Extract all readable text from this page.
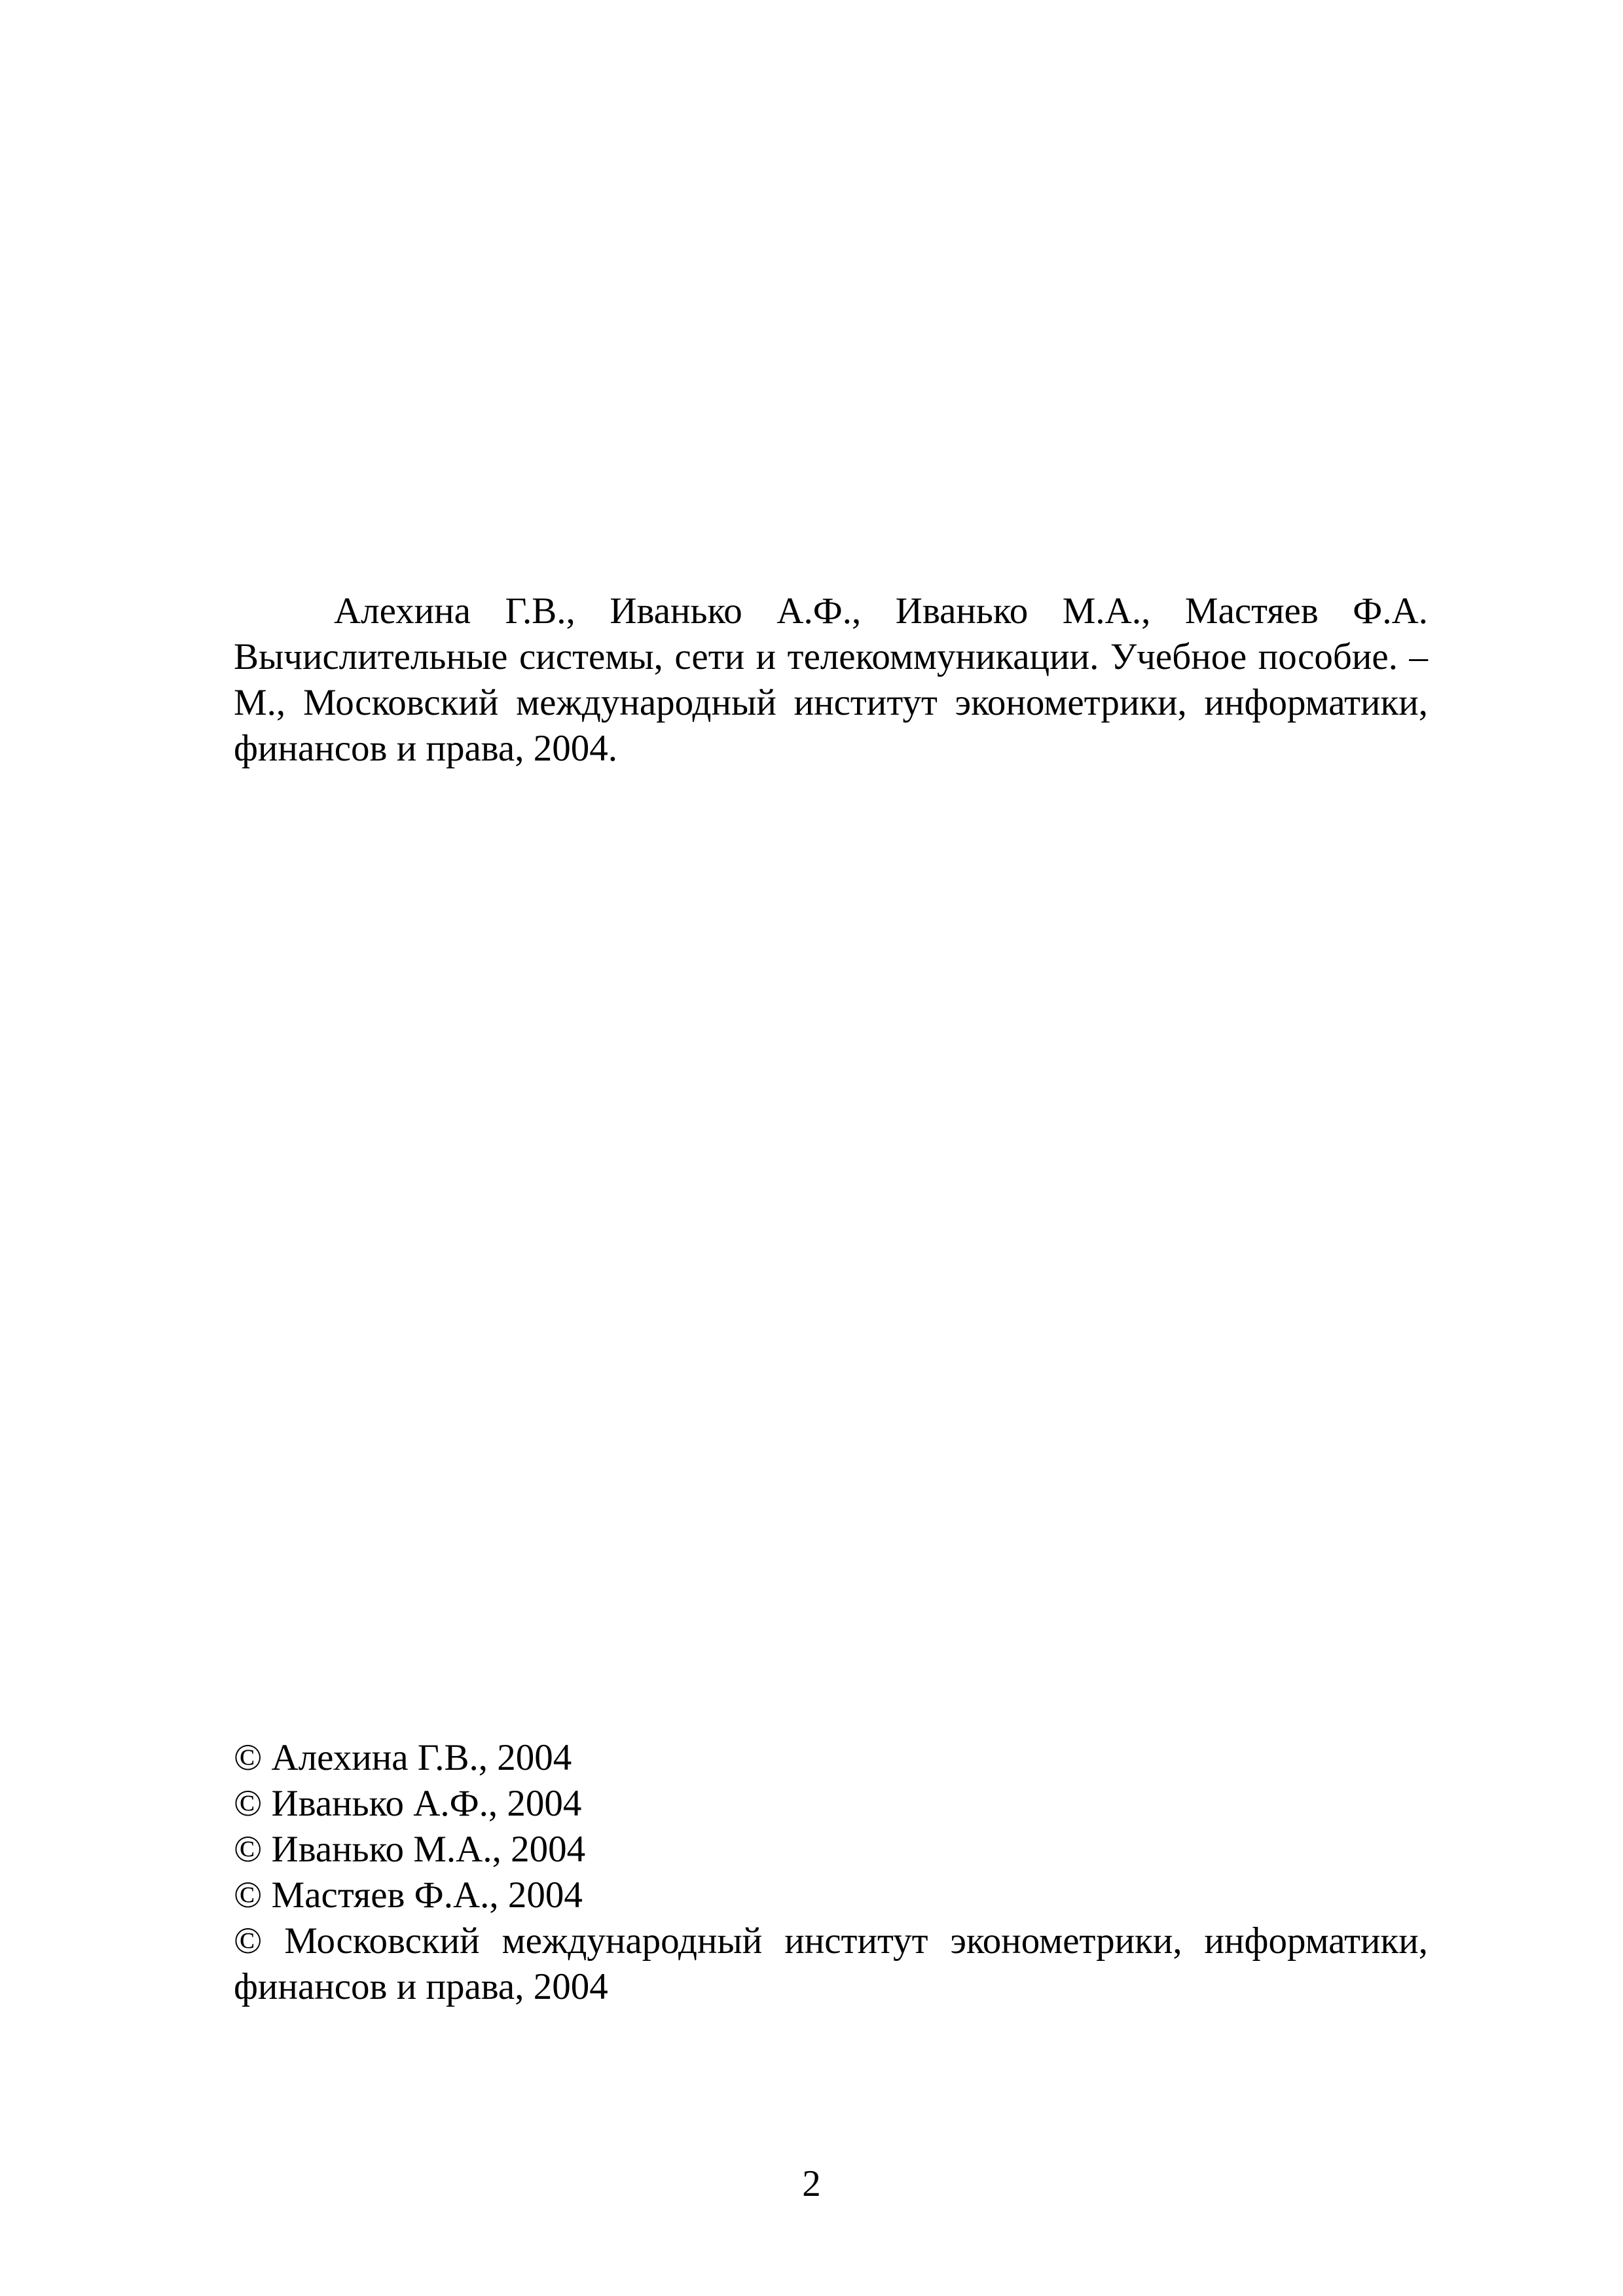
Алехина Г.В., Иванько А.Ф., Иванько М.А., Мастяев Ф.А. Вычислительные системы, сети и телекоммуникации. Учебное пособие. – М., Московский международный институт эконометрики, информатики, финансов и права, 2004.

© Алехина Г.В., 2004
© Иванько А.Ф., 2004
© Иванько М.А., 2004
© Мастяев Ф.А., 2004
© Московский международный институт эконометрики, информатики, финансов и права, 2004
2
